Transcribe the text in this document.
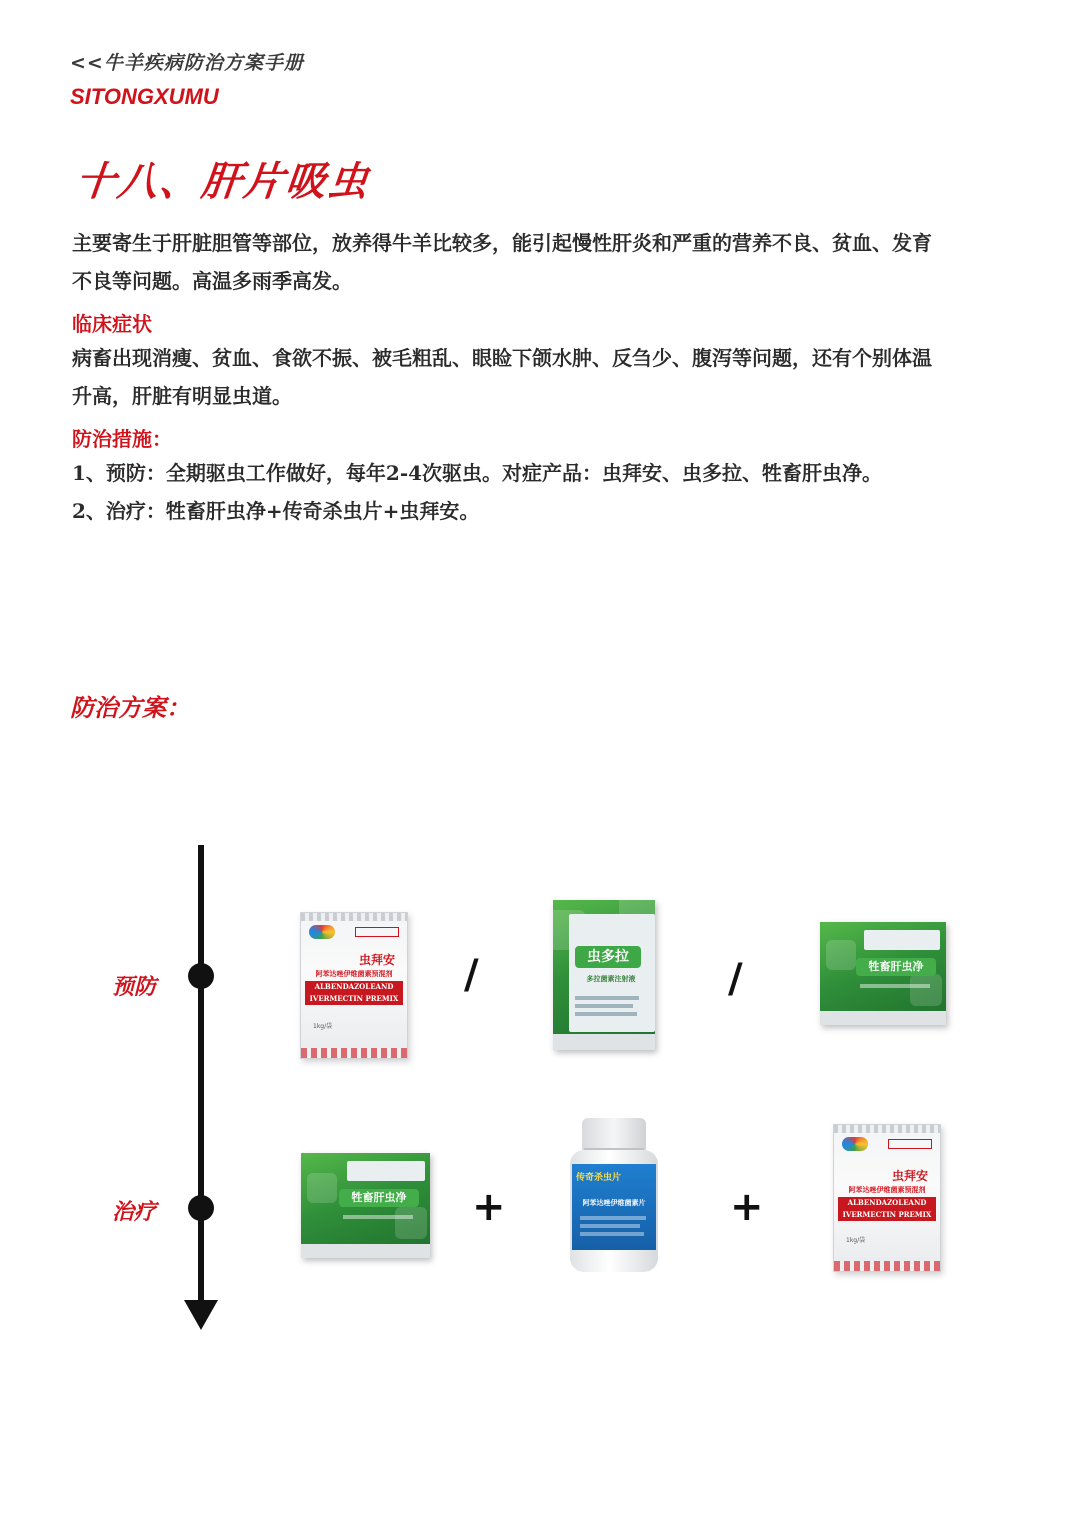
<<牛羊疾病防治方案手册
SITONGXUMU
十八、肝片吸虫
主要寄生于肝脏胆管等部位，放养得牛羊比较多，能引起慢性肝炎和严重的营养不良、贫血、发育
不良等问题。高温多雨季高发。
临床症状
病畜出现消瘦、贫血、食欲不振、被毛粗乱、眼睑下颌水肿、反刍少、腹泻等问题，还有个别体温
升高，肝脏有明显虫道。
防治措施：
1、预防：全期驱虫工作做好，每年2-4次驱虫。对症产品：虫拜安、虫多拉、牲畜肝虫净。
2、治疗：牲畜肝虫净+传奇杀虫片+虫拜安。
防治方案：
预防
治疗
虫拜安
阿苯达唑伊维菌素预混剂
ALBENDAZOLEAND
IVERMECTIN PREMIX
1kg/袋
/	虫多拉
多拉菌素注射液	/	牲畜肝虫净
牲畜肝虫净	+
传奇杀虫片
阿苯达唑伊维菌素片 +
虫拜安
阿苯达唑伊维菌素预混剂
ALBENDAZOLEAND
IVERMECTIN PREMIX
1kg/袋
